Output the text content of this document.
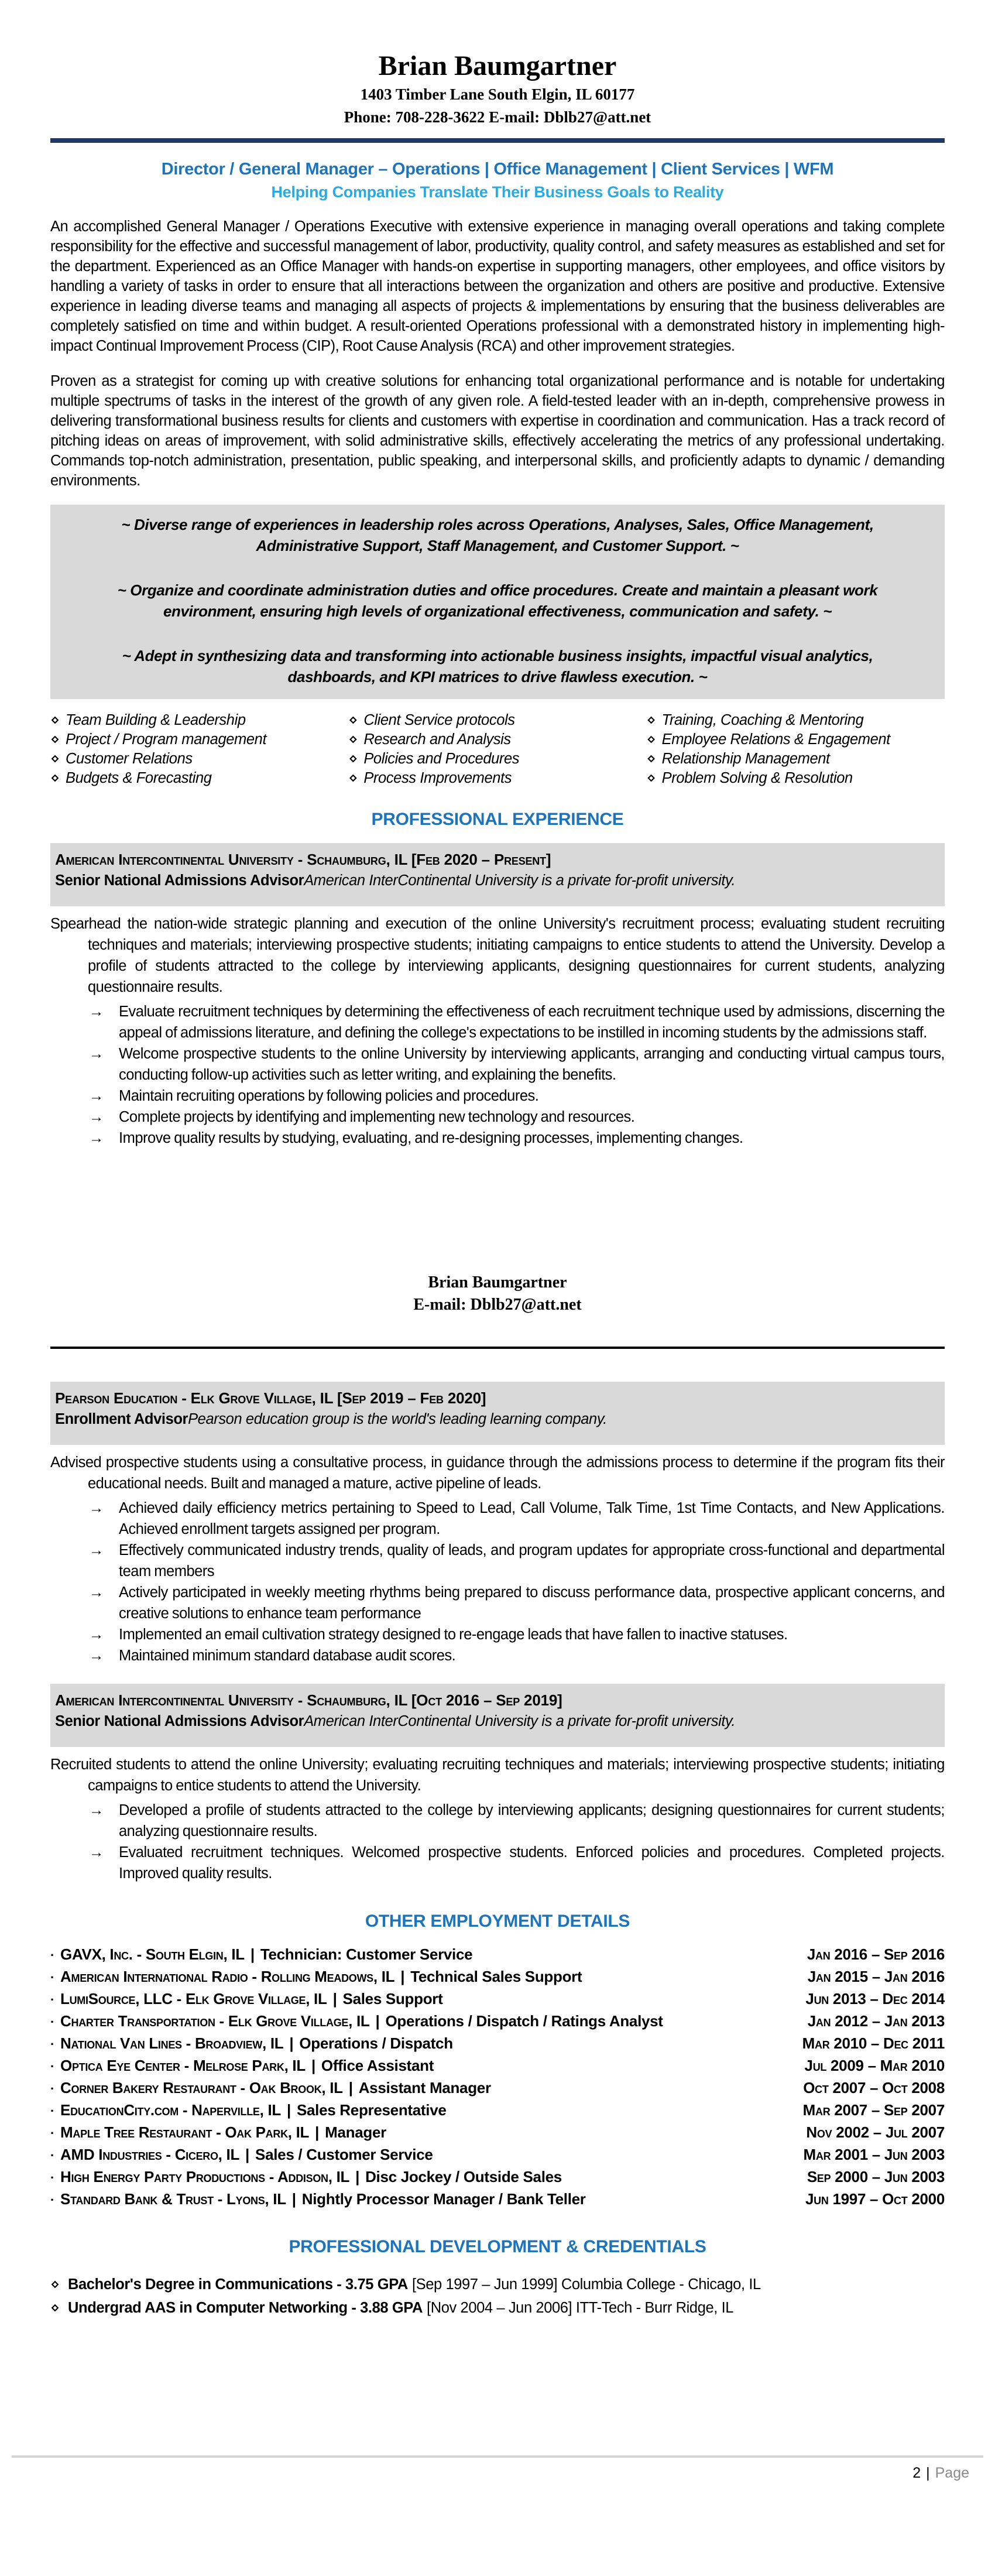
Brian Baumgartner
1403 Timber Lane South Elgin, IL 60177
Phone: 708-228-3622 E-mail: Dblb27@att.net
Director / General Manager – Operations | Office Management | Client Services | WFM
Helping Companies Translate Their Business Goals to Reality
An accomplished General Manager / Operations Executive with extensive experience in managing overall operations and taking complete responsibility for the effective and successful management of labor, productivity, quality control, and safety measures as established and set for the department. Experienced as an Office Manager with hands-on expertise in supporting managers, other employees, and office visitors by handling a variety of tasks in order to ensure that all interactions between the organization and others are positive and productive. Extensive experience in leading diverse teams and managing all aspects of projects & implementations by ensuring that the business deliverables are completely satisfied on time and within budget. A result-oriented Operations professional with a demonstrated history in implementing high-impact Continual Improvement Process (CIP), Root Cause Analysis (RCA) and other improvement strategies.
Proven as a strategist for coming up with creative solutions for enhancing total organizational performance and is notable for undertaking multiple spectrums of tasks in the interest of the growth of any given role. A field-tested leader with an in-depth, comprehensive prowess in delivering transformational business results for clients and customers with expertise in coordination and communication. Has a track record of pitching ideas on areas of improvement, with solid administrative skills, effectively accelerating the metrics of any professional undertaking. Commands top-notch administration, presentation, public speaking, and interpersonal skills, and proficiently adapts to dynamic / demanding environments.

~ Diverse range of experiences in leadership roles across Operations, Analyses, Sales, Office Management, Administrative Support, Staff Management, and Customer Support. ~

~ Organize and coordinate administration duties and office procedures. Create and maintain a pleasant work environment, ensuring high levels of organizational effectiveness, communication and safety. ~

~ Adept in synthesizing data and transforming into actionable business insights, impactful visual analytics, dashboards, and KPI matrices to drive flawless execution. ~

⋄ Team Building & Leadership
⋄ Project / Program management
⋄ Customer Relations
⋄ Budgets & Forecasting
⋄ Client Service protocols
⋄ Research and Analysis
⋄ Policies and Procedures
⋄ Process Improvements
⋄ Training, Coaching & Mentoring
⋄ Employee Relations & Engagement
⋄ Relationship Management
⋄ Problem Solving & Resolution
PROFESSIONAL EXPERIENCE
American Intercontinental University - Schaumburg, IL [Feb 2020 – Present]
Senior National Admissions AdvisorAmerican InterContinental University is a private for-profit university.
Spearhead the nation-wide strategic planning and execution of the online University's recruitment process; evaluating student recruiting techniques and materials; interviewing prospective students; initiating campaigns to entice students to attend the University. Develop a profile of students attracted to the college by interviewing applicants, designing questionnaires for current students, analyzing questionnaire results.
→	Evaluate recruitment techniques by determining the effectiveness of each recruitment technique used by admissions, discerning the appeal of admissions literature, and defining the college's expectations to be instilled in incoming students by the admissions staff.
→	Welcome prospective students to the online University by interviewing applicants, arranging and conducting virtual campus tours, conducting follow-up activities such as letter writing, and explaining the benefits.
→	Maintain recruiting operations by following policies and procedures.
→	Complete projects by identifying and implementing new technology and resources.
→	Improve quality results by studying, evaluating, and re-designing processes, implementing changes.
Brian Baumgartner
E-mail: Dblb27@att.net
Pearson Education - Elk Grove Village, IL [Sep 2019 – Feb 2020]
Enrollment AdvisorPearson education group is the world's leading learning company.
Advised prospective students using a consultative process, in guidance through the admissions process to determine if the program fits their educational needs. Built and managed a mature, active pipeline of leads.
→	Achieved daily efficiency metrics pertaining to Speed to Lead, Call Volume, Talk Time, 1st Time Contacts, and New Applications. Achieved enrollment targets assigned per program.
→	Effectively communicated industry trends, quality of leads, and program updates for appropriate cross-functional and departmental team members
→	Actively participated in weekly meeting rhythms being prepared to discuss performance data, prospective applicant concerns, and creative solutions to enhance team performance
→	Implemented an email cultivation strategy designed to re-engage leads that have fallen to inactive statuses.
→	Maintained minimum standard database audit scores.
American Intercontinental University - Schaumburg, IL [Oct 2016 – Sep 2019]
Senior National Admissions AdvisorAmerican InterContinental University is a private for-profit university.
Recruited students to attend the online University; evaluating recruiting techniques and materials; interviewing prospective students; initiating campaigns to entice students to attend the University.
→	Developed a profile of students attracted to the college by interviewing applicants; designing questionnaires for current students; analyzing questionnaire results.
→	Evaluated recruitment techniques. Welcomed prospective students. Enforced policies and procedures. Completed projects. Improved quality results.
OTHER EMPLOYMENT DETAILS
· GAVX, Inc. - South Elgin, IL | Technician: Customer Service	Jan 2016 – Sep 2016
· American International Radio - Rolling Meadows, IL | Technical Sales Support	Jan 2015 – Jan 2016
· LumiSource, LLC - Elk Grove Village, IL | Sales Support	Jun 2013 – Dec 2014
· Charter Transportation - Elk Grove Village, IL | Operations / Dispatch / Ratings Analyst	Jan 2012 – Jan 2013
· National Van Lines - Broadview, IL | Operations / Dispatch	Mar 2010 – Dec 2011
· Optica Eye Center - Melrose Park, IL | Office Assistant	Jul 2009 – Mar 2010
· Corner Bakery Restaurant - Oak Brook, IL | Assistant Manager	Oct 2007 – Oct 2008
· EducationCity.com - Naperville, IL | Sales Representative	Mar 2007 – Sep 2007
· Maple Tree Restaurant - Oak Park, IL | Manager	Nov 2002 – Jul 2007
· AMD Industries - Cicero, IL | Sales / Customer Service	Mar 2001 – Jun 2003
· High Energy Party Productions - Addison, IL | Disc Jockey / Outside Sales	Sep 2000 – Jun 2003
· Standard Bank & Trust - Lyons, IL | Nightly Processor Manager / Bank Teller	Jun 1997 – Oct 2000
PROFESSIONAL DEVELOPMENT & CREDENTIALS
⋄ Bachelor's Degree in Communications - 3.75 GPA [Sep 1997 – Jun 1999] Columbia College - Chicago, IL
⋄ Undergrad AAS in Computer Networking - 3.88 GPA [Nov 2004 – Jun 2006] ITT-Tech - Burr Ridge, IL
2 | Page
